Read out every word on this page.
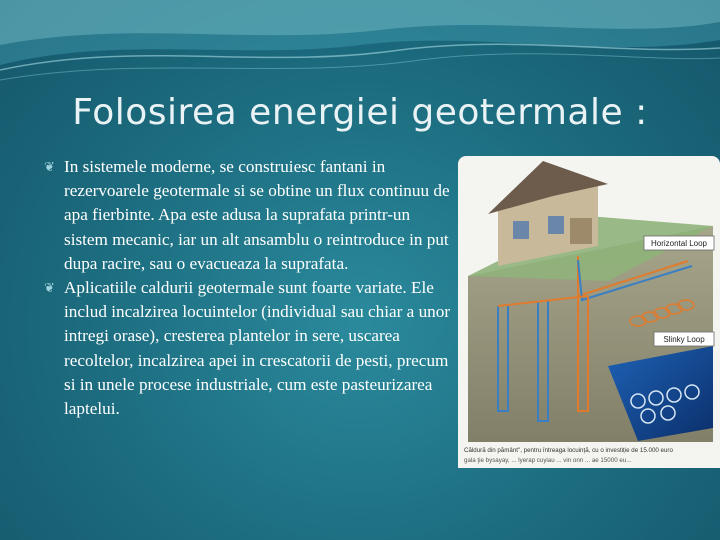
Folosirea energiei geotermale :

❦ In sistemele moderne, se construiesc fantani in rezervoarele geotermale si se obtine un flux continuu de apa fierbinte. Apa este adusa la suprafata printr-un sistem mecanic, iar un alt ansamblu o reintroduce in put dupa racire, sau o evacueaza la suprafata.

❦ Aplicatiile caldurii geotermale sunt foarte variate. Ele includ incalzirea locuintelor (individual sau chiar a unor intregi orase), cresterea plantelor in sere, uscarea recoltelor, incalzirea apei in crescatorii de pesti, precum si in unele procese industriale, cum este pasteurizarea laptelui.

Horizontal Loop
Slinky Loop
Căldură din pământ", pentru întreaga locuință, cu o investiție de 15.000 euro
gala ţie bysayay, ... lyerap cuyiau ... vin onn ... ae 15000 eu...
